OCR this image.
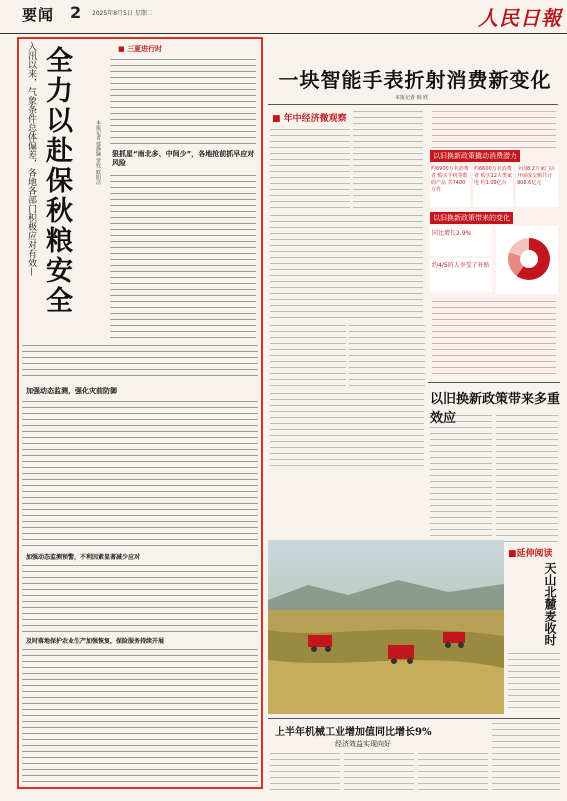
要闻 2 2025年8月5日 星期二	人民日報
入汛以来，气象条件总体偏差，各地各部门积极应对有效— 全力以赴保秋粮安全	本报记者 郁静娴 常钦 欧阳洁
■ 三夏进行时
狠抓星“南北多、中间少”，各地抢前抓早应对风险
加强动态监测，强化灾前防御
加强动态监测预警，不利因素显著减少应对
及时落地保护农业生产加强恢复，保险服务持续开展
一块智能手表折射消费新变化
本报记者 韩 欣
■ 年中经济微观察
以旧换新政策撬动消费潜力
约6900万名消费者 购买手机等数码产品 共7400万件
约6600万名消费者 购买12大类家电 约1.09亿台
全国8.2万家门店 开展成交额共计906.6亿元
以旧换新政策带来的变化
同比增长2.9%
约4/5的人享受了补贴
以旧换新政策带来多重效应
■延伸阅读
天山北麓麦收时
上半年机械工业增加值同比增长9%
经济效益实现向好
